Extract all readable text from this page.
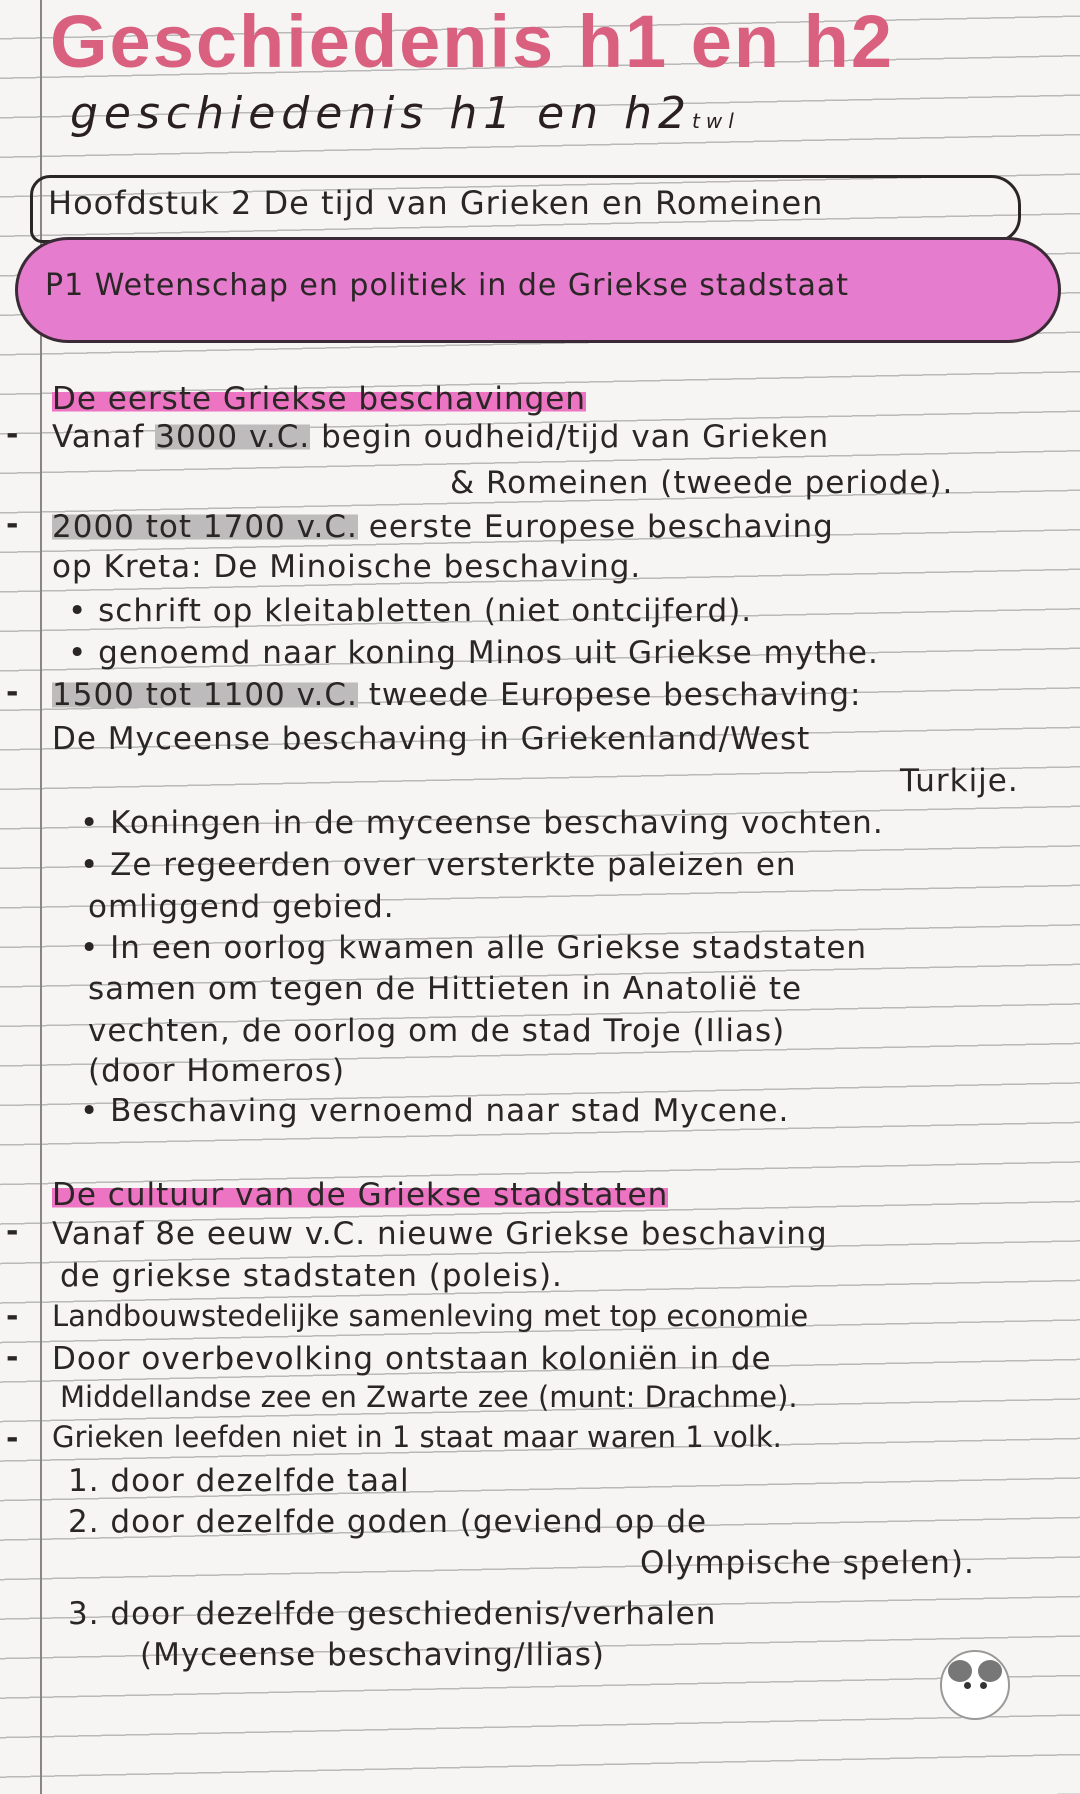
Geschiedenis h1 en h2
geschiedenis h1 en h2twl
Hoofdstuk 2 De tijd van Grieken en Romeinen
P1 Wetenschap en politiek in de Griekse stadstaat
De eerste Griekse beschavingen
- Vanaf 3000 v.C. begin oudheid/tijd van Grieken
& Romeinen (tweede periode).
- 2000 tot 1700 v.C. eerste Europese beschaving
op Kreta: De Minoische beschaving.
• schrift op kleitabletten (niet ontcijferd).
• genoemd naar koning Minos uit Griekse mythe.
- 1500 tot 1100 v.C. tweede Europese beschaving:
De Myceense beschaving in Griekenland/West
Turkije.
• Koningen in de myceense beschaving vochten.
• Ze regeerden over versterkte paleizen en
omliggend gebied.
• In een oorlog kwamen alle Griekse stadstaten
samen om tegen de Hittieten in Anatolië te
vechten, de oorlog om de stad Troje (Ilias)
(door Homeros)
• Beschaving vernoemd naar stad Mycene.
De cultuur van de Griekse stadstaten
- Vanaf 8e eeuw v.C. nieuwe Griekse beschaving
de griekse stadstaten (poleis).
- Landbouwstedelijke samenleving met top economie
- Door overbevolking ontstaan koloniën in de
Middellandse zee en Zwarte zee (munt: Drachme).
- Grieken leefden niet in 1 staat maar waren 1 volk.
1. door dezelfde taal
2. door dezelfde goden (geviend op de
Olympische spelen).
3. door dezelfde geschiedenis/verhalen
(Myceense beschaving/Ilias)
